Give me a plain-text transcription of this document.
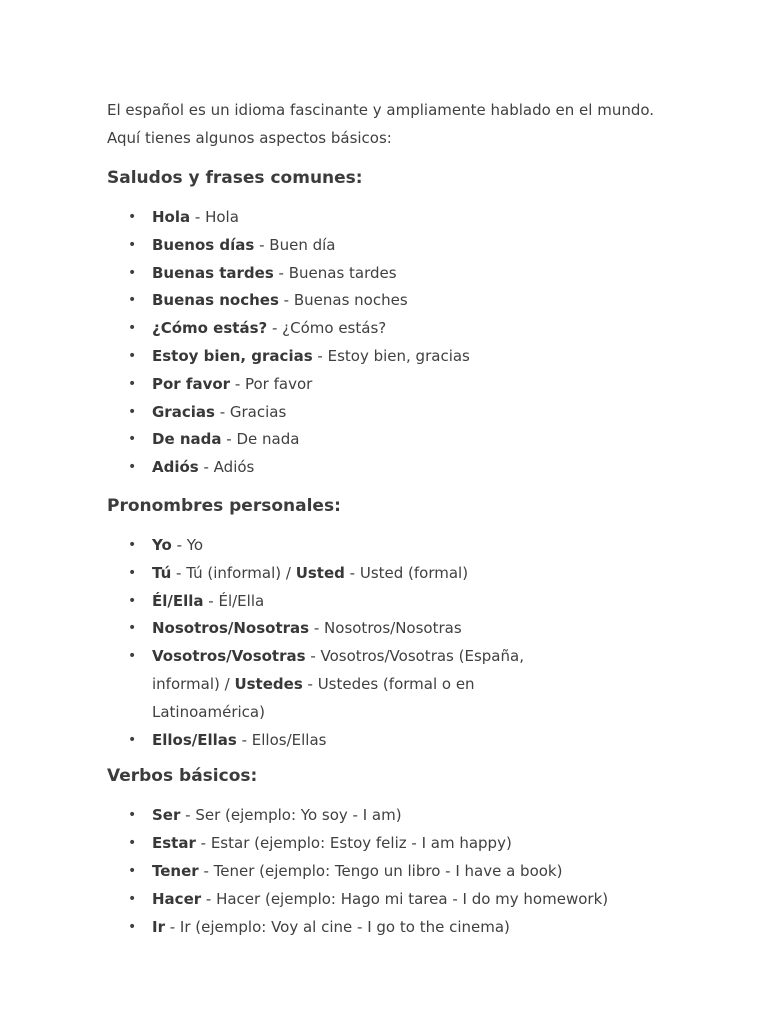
El español es un idioma fascinante y ampliamente hablado en el mundo.

Aquí tienes algunos aspectos básicos:

Saludos y frases comunes:
• Hola - Hola
• Buenos días - Buen día
• Buenas tardes - Buenas tardes
• Buenas noches - Buenas noches
• ¿Cómo estás? - ¿Cómo estás?
• Estoy bien, gracias - Estoy bien, gracias
• Por favor - Por favor
• Gracias - Gracias
• De nada - De nada
• Adiós - Adiós
Pronombres personales:
• Yo - Yo
• Tú - Tú (informal) / Usted - Usted (formal)
• Él/Ella - Él/Ella
• Nosotros/Nosotras - Nosotros/Nosotras
• Vosotros/Vosotras - Vosotros/Vosotras (España, informal) / Ustedes - Ustedes (formal o en Latinoamérica)
• Ellos/Ellas - Ellos/Ellas
Verbos básicos:
• Ser - Ser (ejemplo: Yo soy - I am)
• Estar - Estar (ejemplo: Estoy feliz - I am happy)
• Tener - Tener (ejemplo: Tengo un libro - I have a book)
• Hacer - Hacer (ejemplo: Hago mi tarea - I do my homework)
• Ir - Ir (ejemplo: Voy al cine - I go to the cinema)
